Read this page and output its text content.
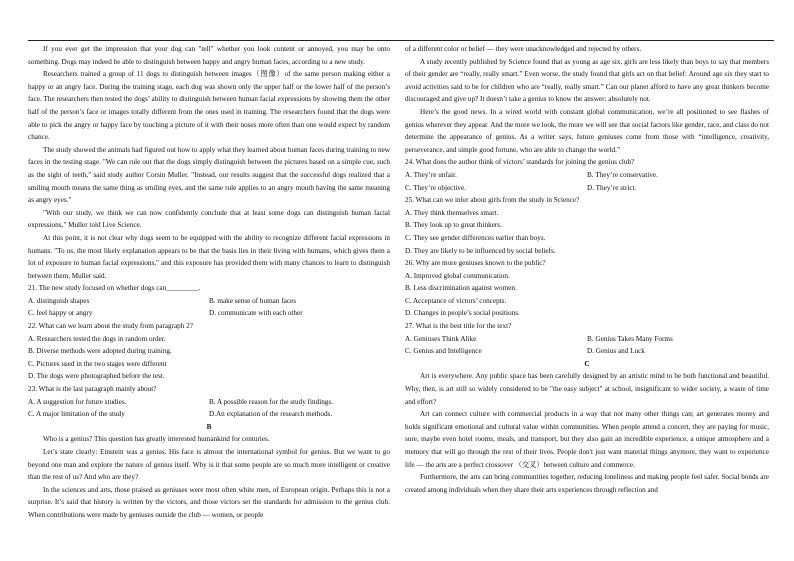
If you ever get the impression that your dog can "tell" whether you look content or annoyed, you may be onto something. Dogs may indeed be able to distinguish between happy and angry human faces, according to a new study.

Researchers trained a group of 11 dogs to distinguish between images（图像）of the same person making either a happy or an angry face. During the training stage, each dog was shown only the upper half or the lower half of the person’s face. The researchers then tested the dogs’ ability to distinguish between human facial expressions by showing them the other half of the person’s face or images totally different from the ones used in training. The researchers found that the dogs were able to pick the angry or happy face by touching a picture of it with their noses more often than one would expect by random chance.

The study showed the animals had figured out how to apply what they learned about human faces during training to new faces in the testing stage. "We can rule out that the dogs simply distinguish between the pictures based on a simple cue, such as the sight of teeth," said study author Corsin Muller. "Instead, our results suggest that the successful dogs realized that a smiling mouth means the same thing as smiling eyes, and the same rule applies to an angry mouth having the same meaning as angry eyes."

"With our study, we think we can now confidently conclude that at least some dogs can distinguish human facial expressions," Muller told Live Science.

At this point, it is not clear why dogs seem to be equipped with the ability to recognize different facial expressions in humans. "To us, the most likely explanation appears to be that the basis lies in their living with humans, which gives them a lot of exposure to human facial expressions," and this exposure has provided them with many chances to learn to distinguish between them, Muller said.

21. The new study focused on whether dogs can_________.

A. distinguish shapes	B. make sense of human faces
C. feel happy or angry	D. communicate with each other

22. What can we learn about the study from paragraph 2?

A. Researchers tested the dogs in random order.

B. Diverse methods were adopted during training.

C. Pictures used in the two stages were different

D. The dogs were photographed before the test.

23. What is the last paragraph mainly about?

A. A suggestion for future studies.	B. A possible reason for the study findings.
C. A major limitation of the study	D.An explanation of the research methods.

B

Who is a genius? This question has greatly interested humankind for centuries.

Let’s state clearly: Einstein was a genius. His face is almost the international symbol for genius. But we want to go beyond one man and explore the nature of genius itself. Why is it that some people are so much more intelligent or creative than the rest of us? And who are they?

In the sciences and arts, those praised as geniuses were most often white men, of European origin. Perhaps this is not a surprise. It’s said that history is written by the victors, and those victors set the standards for admission to the genius club. When contributions were made by geniuses outside the club — women, or people

of a different color or belief — they were unacknowledged and rejected by others.

A study recently published by Science found that as young as age six, girls are less likely than boys to say that members of their gender are “really, really smart.” Even worse, the study found that girls act on that belief: Around age six they start to avoid activities said to be for children who are “really, really smart.” Can our planet afford to have any great thinkers become discouraged and give up? It doesn’t take a genius to know the answer: absolutely not.

Here’s the good news. In a wired world with constant global communication, we’re all positioned to see flashes of genius wherever they appear. And the more we look, the more we will see that social factors like gender, race, and class do not determine the appearance of genius. As a writer says, future geniuses come from those with “intelligence, creativity, perseverance, and simple good fortune, who are able to change the world.”

24. What does the author think of victors’ standards for joining the genius club?

A. They’re unfair.	B. They’re conservative.
C. They’re objective.	D. They’re strict.

25. What can we infer about girls from the study in Science?

A. They think themselves smart.

B. They look up to great thinkers.

C. They see gender differences earlier than boys.

D. They are likely to be influenced by social beliefs.

26. Why are more geniuses known to the public?

A. Improved global communication.

B. Less discrimination against women.

C. Acceptance of victors’ concepts.

D. Changes in people’s social positions.

27. What is the best title for the text?

A. Geniuses Think Alike	B. Genius Takes Many Forms
C. Genius and Intelligence	D. Genius and Luck

C

Art is everywhere. Any public space has been carefully designed by an artistic mind to be both functional and beautiful. Why, then, is art still so widely considered to be "the easy subject" at school, insignificant to wider society, a waste of time and effort?

Art can connect culture with commercial products in a way that not many other things can; art generates money and holds significant emotional and cultural value within communities. When people attend a concert, they are paying for music, sure, maybe even hotel rooms, meals, and transport, but they also gain an incredible experience, a unique atmosphere and a memory that will go through the rest of their lives. People don't just want material things anymore, they want to experience life — the arts are a perfect crossover （交叉）between culture and commerce.

Furthermore, the arts can bring communities together, reducing loneliness and making people feel safer. Social bonds are created among individuals when they share their arts experiences through reflection and
